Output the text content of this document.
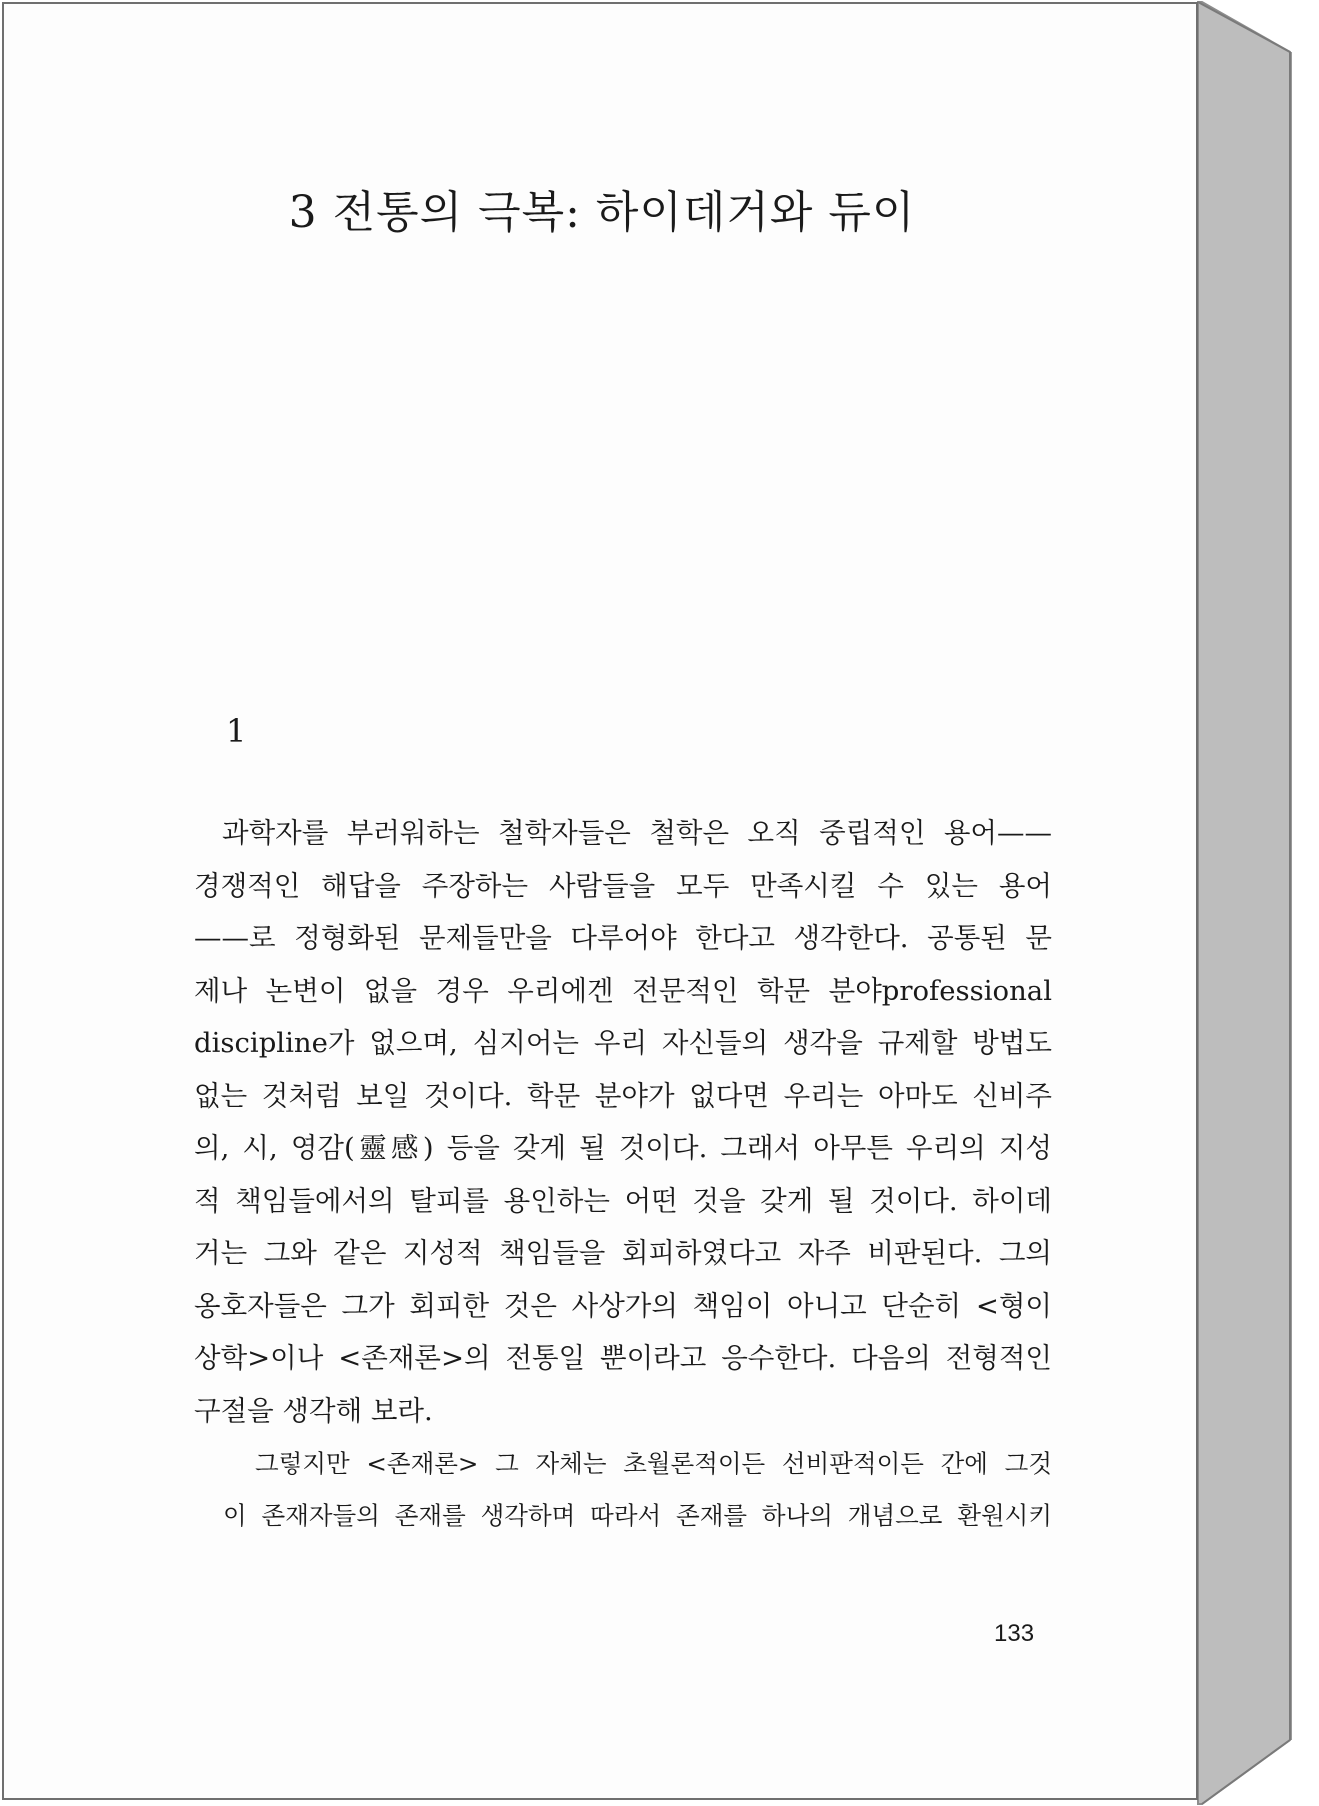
3 전통의 극복: 하이데거와 듀이
1
과학자를 부러워하는 철학자들은 철학은 오직 중립적인 용어——
경쟁적인 해답을 주장하는 사람들을 모두 만족시킬 수 있는 용어
——로 정형화된 문제들만을 다루어야 한다고 생각한다. 공통된 문
제나 논변이 없을 경우 우리에겐 전문적인 학문 분야professional
discipline가 없으며, 심지어는 우리 자신들의 생각을 규제할 방법도
없는 것처럼 보일 것이다. 학문 분야가 없다면 우리는 아마도 신비주
의, 시, 영감(靈感) 등을 갖게 될 것이다. 그래서 아무튼 우리의 지성
적 책임들에서의 탈피를 용인하는 어떤 것을 갖게 될 것이다. 하이데
거는 그와 같은 지성적 책임들을 회피하였다고 자주 비판된다. 그의
옹호자들은 그가 회피한 것은 사상가의 책임이 아니고 단순히 <형이
상학>이나 <존재론>의 전통일 뿐이라고 응수한다. 다음의 전형적인
구절을 생각해 보라.
그렇지만 <존재론> 그 자체는 초월론적이든 선비판적이든 간에 그것
이 존재자들의 존재를 생각하며 따라서 존재를 하나의 개념으로 환원시키
133
